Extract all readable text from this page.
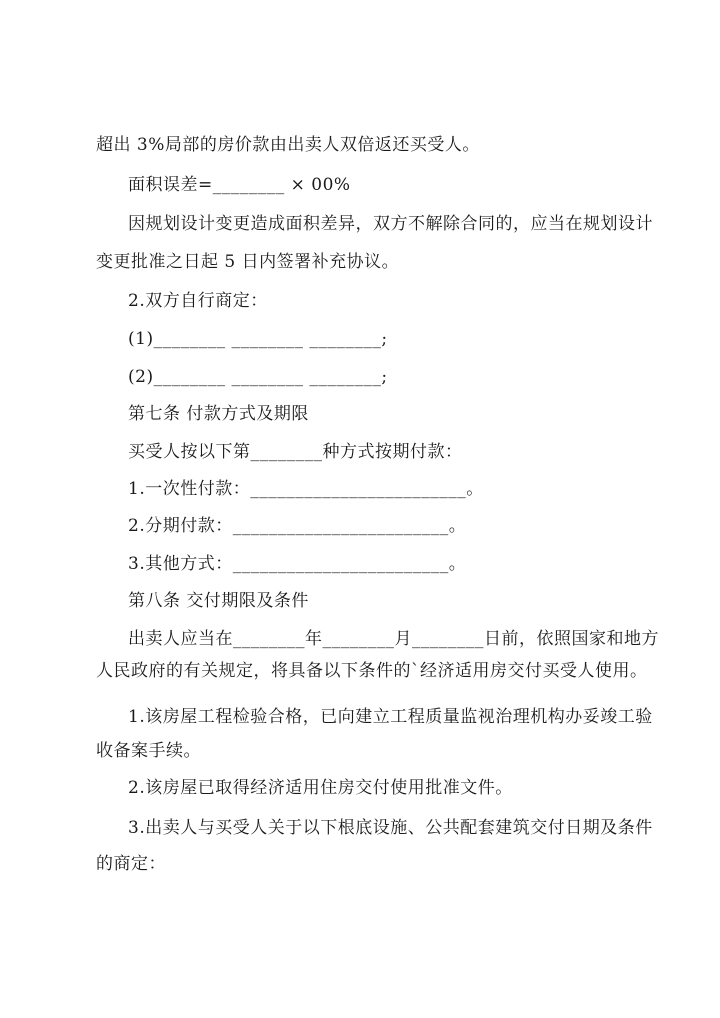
超出 3%局部的房价款由出卖人双倍返还买受人。
面积误差=________ × 00%
因规划设计变更造成面积差异，双方不解除合同的，应当在规划设计
变更批准之日起 5 日内签署补充协议。
2.双方自行商定：
(1)________ ________ ________;
(2)________ ________ ________;
第七条 付款方式及期限
买受人按以下第________种方式按期付款：
1.一次性付款：________________________。
2.分期付款：________________________。
3.其他方式：________________________。
第八条 交付期限及条件
出卖人应当在________年________月________日前，依照国家和地方
人民政府的有关规定，将具备以下条件的`经济适用房交付买受人使用。
1.该房屋工程检验合格，已向建立工程质量监视治理机构办妥竣工验
收备案手续。
2.该房屋已取得经济适用住房交付使用批准文件。
3.出卖人与买受人关于以下根底设施、公共配套建筑交付日期及条件
的商定：
